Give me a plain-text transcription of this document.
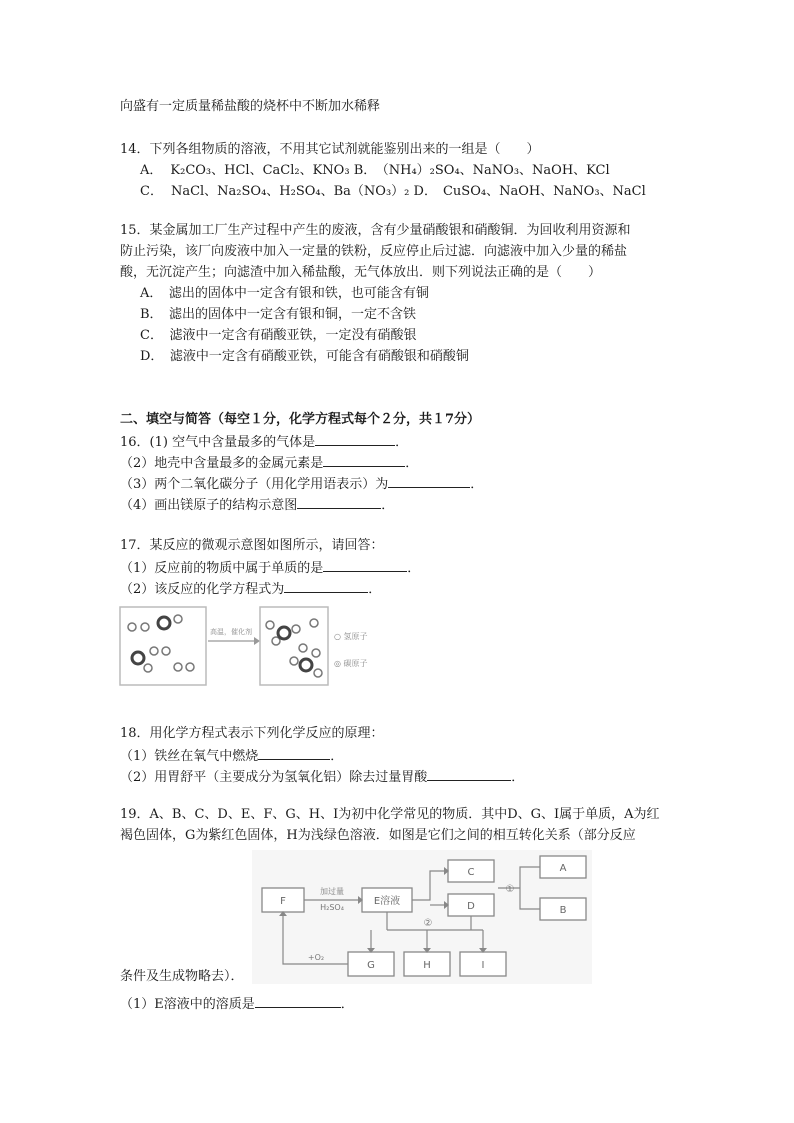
向盛有一定质量稀盐酸的烧杯中不断加水稀释
14．下列各组物质的溶液，不用其它试剂就能鉴别出来的一组是（　　）
A． K₂CO₃、HCl、CaCl₂、KNO₃ B． （NH₄）₂SO₄、NaNO₃、NaOH、KCl
C． NaCl、Na₂SO₄、H₂SO₄、Ba（NO₃）₂ D． CuSO₄、NaOH、NaNO₃、NaCl
15．某金属加工厂生产过程中产生的废液，含有少量硝酸银和硝酸铜．为回收利用资源和
防止污染，该厂向废液中加入一定量的铁粉，反应停止后过滤．向滤液中加入少量的稀盐
酸，无沉淀产生；向滤渣中加入稀盐酸，无气体放出．则下列说法正确的是（　　）
A．　滤出的固体中一定含有银和铁，也可能含有铜
B．　滤出的固体中一定含有银和铜，一定不含铁
C．　滤液中一定含有硝酸亚铁，一定没有硝酸银
D．　滤液中一定含有硝酸亚铁，可能含有硝酸银和硝酸铜
二、填空与简答（每空１分，化学方程式每个２分，共１7分）
16．(1) 空气中含量最多的气体是	．
（2）地壳中含量最多的金属元素是	．
（3）两个二氧化碳分子（用化学用语表示）为	．
（4）画出镁原子的结构示意图	．
17．某反应的微观示意图如图所示，请回答：
（1）反应前的物质中属于单质的是	．
（2）该反应的化学方程式为	．
高温，催化剂	○ 氢原子
◎ 碳原子
18．用化学方程式表示下列化学反应的原理：
（1）铁丝在氧气中燃烧	．
（2）用胃舒平（主要成分为氢氧化铝）除去过量胃酸	．
19．A、B、C、D、E、F、G、H、I为初中化学常见的物质．其中D、G、I属于单质，A为红
褐色固体，G为紫红色固体，H为浅绿色溶液．如图是它们之间的相互转化关系（部分反应
F	E溶液
C
D
A
B
G	H	I
加过量
H₂SO₄
+O₂
①
②
条件及生成物略去）．
（1）E溶液中的溶质是	．
